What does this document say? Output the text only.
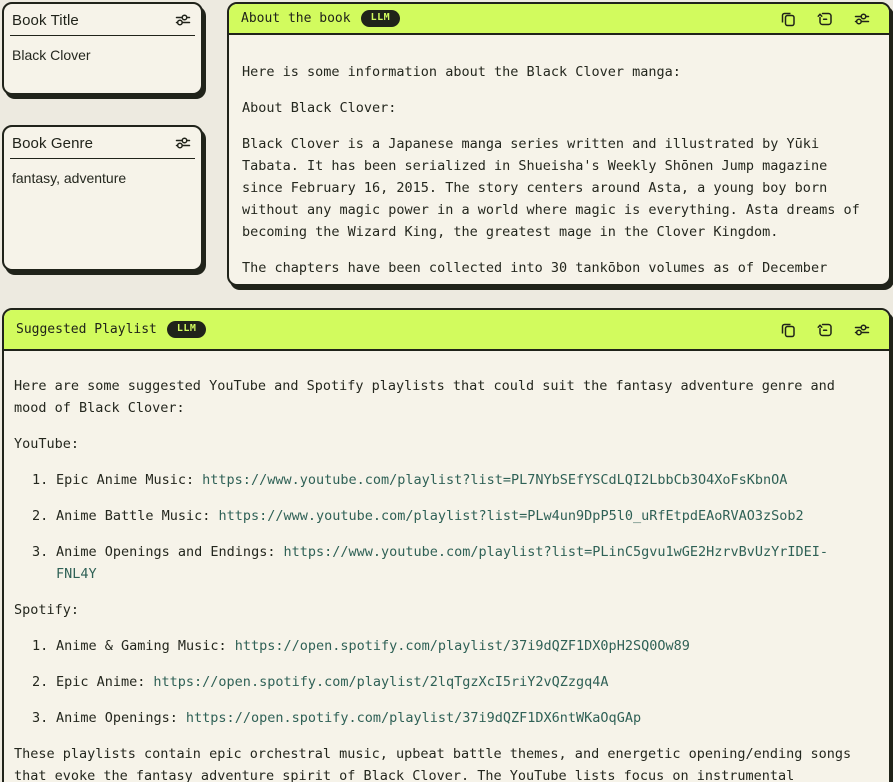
Book Title
Black Clover
Book Genre
fantasy, adventure
About the book	LLM

Here is some information about the Black Clover manga:

About Black Clover:

Black Clover is a Japanese manga series written and illustrated by Yūki Tabata. It has been serialized in Shueisha's Weekly Shōnen Jump magazine since February 16, 2015. The story centers around Asta, a young boy born without any magic power in a world where magic is everything. Asta dreams of becoming the Wizard King, the greatest mage in the Clover Kingdom.

The chapters have been collected into 30 tankōbon volumes as of December

Suggested Playlist	LLM

Here are some suggested YouTube and Spotify playlists that could suit the fantasy adventure genre and mood of Black Clover:

YouTube:

1. Epic Anime Music: https://www.youtube.com/playlist?list=PL7NYbSEfYSCdLQI2LbbCb3O4XoFsKbnOA
2. Anime Battle Music: https://www.youtube.com/playlist?list=PLw4un9DpP5l0_uRfEtpdEAoRVAO3zSob2
3. Anime Openings and Endings: https://www.youtube.com/playlist?list=PLinC5gvu1wGE2HzrvBvUzYrIDEI-FNL4Y

Spotify:

1. Anime & Gaming Music: https://open.spotify.com/playlist/37i9dQZF1DX0pH2SQ0Ow89
2. Epic Anime: https://open.spotify.com/playlist/2lqTgzXcI5riY2vQZzgq4A
3. Anime Openings: https://open.spotify.com/playlist/37i9dQZF1DX6ntWKaOqGAp

These playlists contain epic orchestral music, upbeat battle themes, and energetic opening/ending songs that evoke the fantasy adventure spirit of Black Clover. The YouTube lists focus on instrumental
